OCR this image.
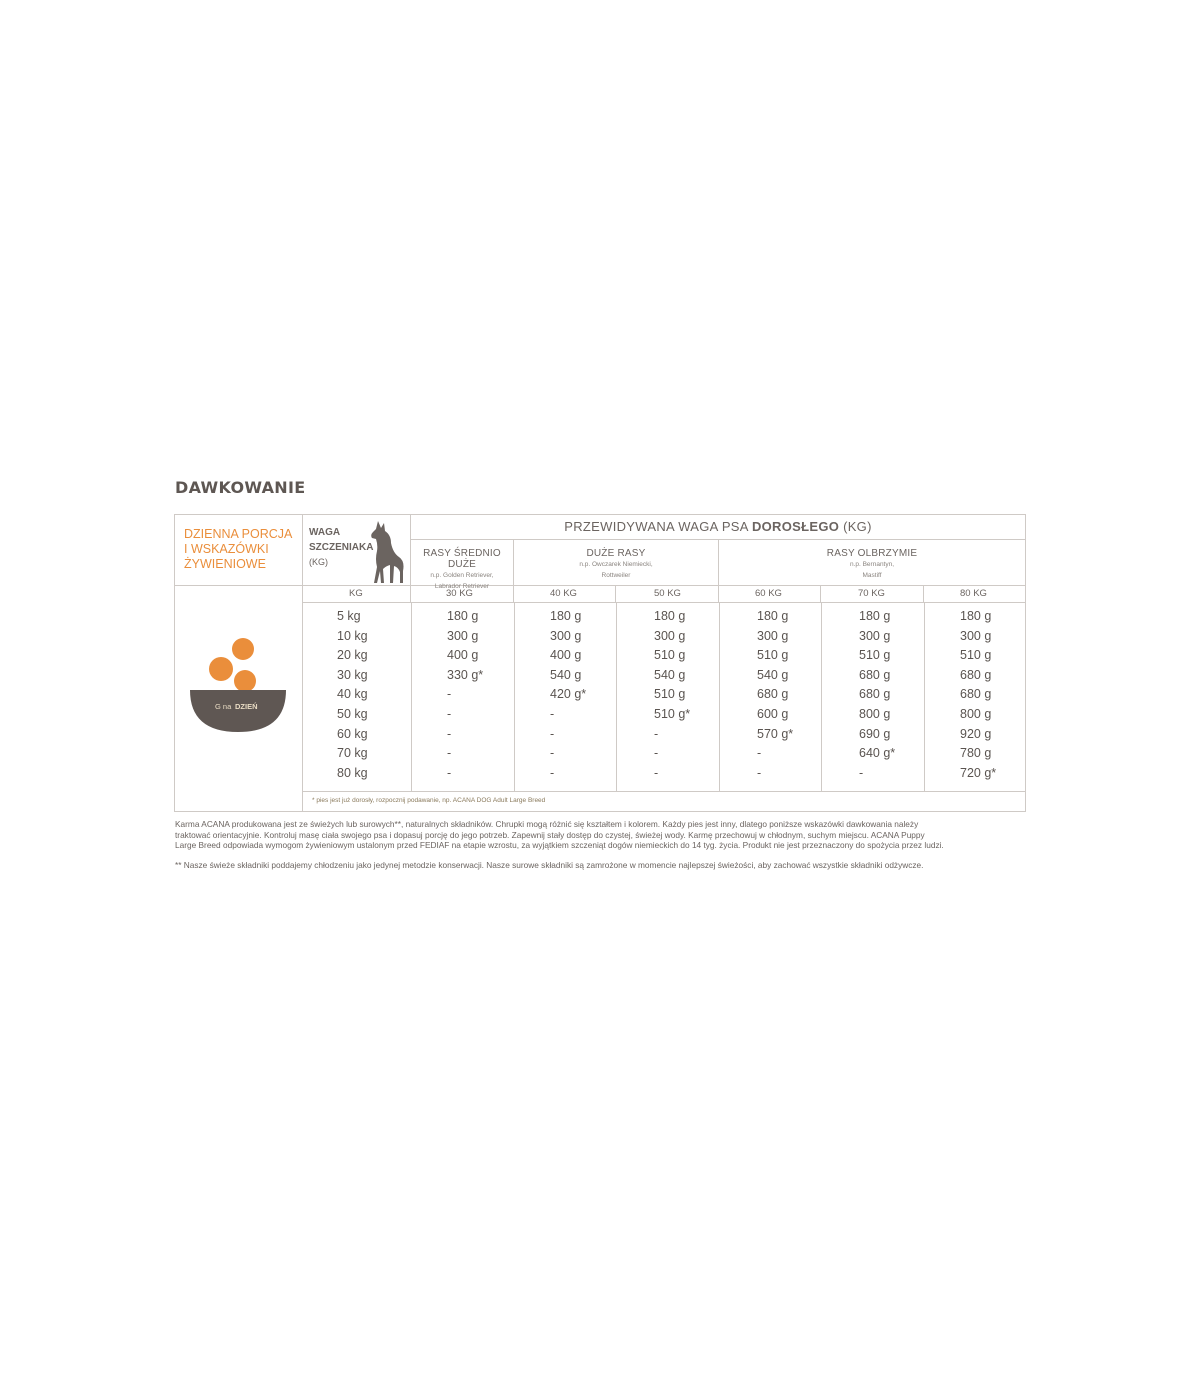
DAWKOWANIE
DZIENNA PORCJA
I WSKAZÓWKI
ŻYWIENIOWE
G na DZIEŃ
WAGA
SZCZENIAKA
(KG)
PRZEWIDYWANA WAGA PSA DOROSŁEGO (KG)
RASY ŚREDNIO DUŻE
n.p. Golden Retriever,
Labrador Retriever
DUŻE RASY
n.p. Owczarek Niemiecki,
Rottweiler
RASY OLBRZYMIE
n.p. Bernantyn,
Mastiff
KG	30 KG	40 KG	50 KG	60 KG	70 KG	80 KG
5 kg	180 g	180 g	180 g	180 g	180 g	180 g
10 kg	300 g	300 g	300 g	300 g	300 g	300 g
20 kg	400 g	400 g	510 g	510 g	510 g	510 g
30 kg	330 g*	540 g	540 g	540 g	680 g	680 g
40 kg	-	420 g*	510 g	680 g	680 g	680 g
50 kg	-	-	510 g*	600 g	800 g	800 g
60 kg	-	-	-	570 g*	690 g	920 g
70 kg	-	-	-	-	640 g*	780 g
80 kg	-	-	-	-	-	720 g*
* pies jest już dorosły, rozpocznij podawanie, np. ACANA DOG Adult Large Breed

Karma ACANA produkowana jest ze świeżych lub surowych**, naturalnych składników. Chrupki mogą różnić się kształtem i kolorem. Każdy pies jest inny, dlatego poniższe wskazówki dawkowania należy
traktować orientacyjnie. Kontroluj masę ciała swojego psa i dopasuj porcję do jego potrzeb. Zapewnij stały dostęp do czystej, świeżej wody. Karmę przechowuj w chłodnym, suchym miejscu. ACANA Puppy
Large Breed odpowiada wymogom żywieniowym ustalonym przed FEDIAF na etapie wzrostu, za wyjątkiem szczeniąt dogów niemieckich do 14 tyg. życia. Produkt nie jest przeznaczony do spożycia przez ludzi.

** Nasze świeże składniki poddajemy chłodzeniu jako jedynej metodzie konserwacji. Nasze surowe składniki są zamrożone w momencie najlepszej świeżości, aby zachować wszystkie składniki odżywcze.
